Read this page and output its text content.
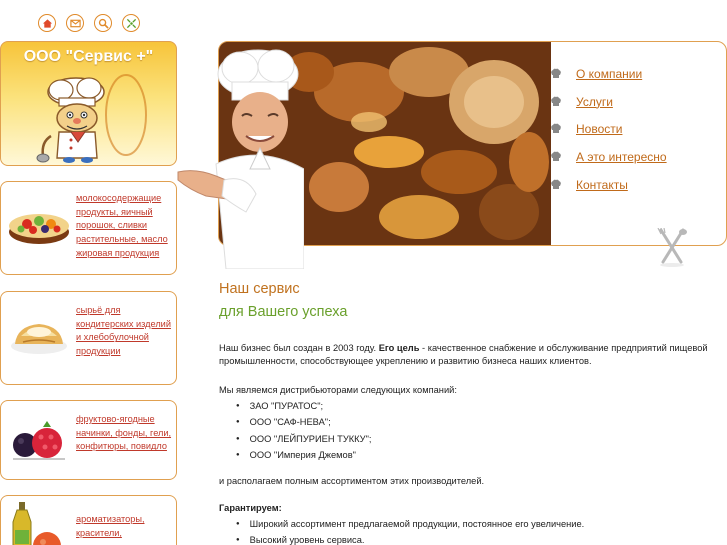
ООО "Сервис +"
молокосодержащие продукты, яичный порошок, сливки растительные, масло жировая продукция
сырьё для кондитерских изделий и хлебобулочной продукции
фруктово-ягодные начинки, фонды, гели, конфитюры, повидло
ароматизаторы, красители,
О компании
Услуги
Новости
А это интересно
Контакты
Наш сервис
для Вашего успеха
Наш бизнес был создан в 2003 году. Его цель - качественное снабжение и обслуживание предприятий пищевой промышленности, способствующее укреплению и развитию бизнеса наших клиентов.
Мы являемся дистрибьюторами следующих компаний:
● ЗАО "ПУРАТОС";
● ООО "САФ-НЕВА";
● ООО "ЛЕЙПУРИЕН ТУККУ";
● ООО "Империя Джемов"
и располагаем полным ассортиментом этих производителей.
Гарантируем:
● Широкий ассортимент предлагаемой продукции, постоянное его увеличение.
● Высокий уровень сервиса.
